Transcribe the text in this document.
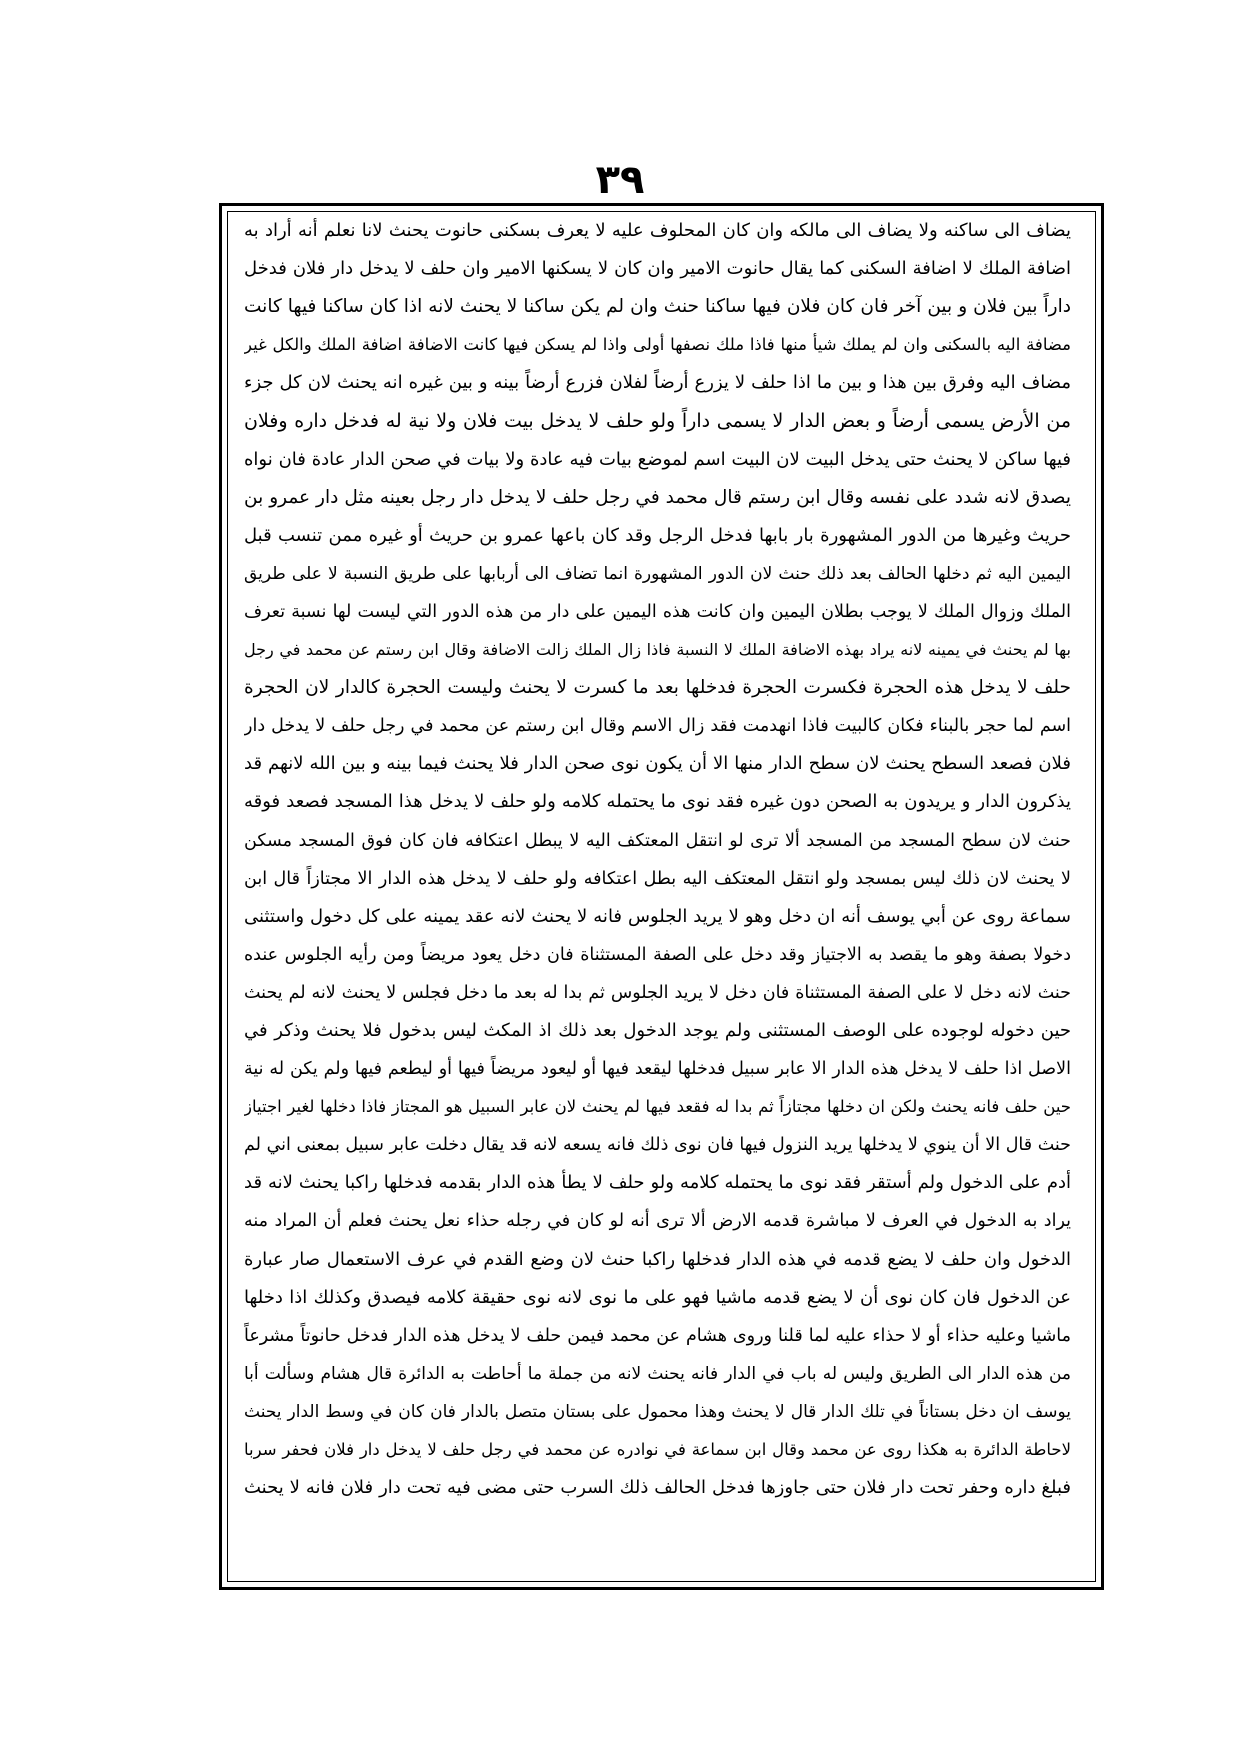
٣٩
يضاف الى ساكنه ولا يضاف الى مالكه وان كان المحلوف عليه لا يعرف بسكنى حانوت يحنث لانا نعلم أنه أراد به
اضافة الملك لا اضافة السكنى كما يقال حانوت الامير وان كان لا يسكنها الامير وان حلف لا يدخل دار فلان فدخل
داراً بين فلان و بين آخر فان كان فلان فيها ساكنا حنث وان لم يكن ساكنا لا يحنث لانه اذا كان ساكنا فيها كانت
مضافة اليه بالسكنى وان لم يملك شيأ منها فاذا ملك نصفها أولى واذا لم يسكن فيها كانت الاضافة اضافة الملك والكل غير
مضاف اليه وفرق بين هذا و بين ما اذا حلف لا يزرع أرضاً لفلان فزرع أرضاً بينه و بين غيره انه يحنث لان كل جزء
من الأرض يسمى أرضاً و بعض الدار لا يسمى داراً ولو حلف لا يدخل بيت فلان ولا نية له فدخل داره وفلان
فيها ساكن لا يحنث حتى يدخل البيت لان البيت اسم لموضع بيات فيه عادة ولا بيات في صحن الدار عادة فان نواه
يصدق لانه شدد على نفسه وقال ابن رستم قال محمد في رجل حلف لا يدخل دار رجل بعينه مثل دار عمرو بن
حريث وغيرها من الدور المشهورة بار بابها فدخل الرجل وقد كان باعها عمرو بن حريث أو غيره ممن تنسب قبل
اليمين اليه ثم دخلها الحالف بعد ذلك حنث لان الدور المشهورة انما تضاف الى أربابها على طريق النسبة لا على طريق
الملك وزوال الملك لا يوجب بطلان اليمين وان كانت هذه اليمين على دار من هذه الدور التي ليست لها نسبة تعرف
بها لم يحنث في يمينه لانه يراد بهذه الاضافة الملك لا النسبة فاذا زال الملك زالت الاضافة وقال ابن رستم عن محمد في رجل
حلف لا يدخل هذه الحجرة فكسرت الحجرة فدخلها بعد ما كسرت لا يحنث وليست الحجرة كالدار لان الحجرة
اسم لما حجر بالبناء فكان كالبيت فاذا انهدمت فقد زال الاسم وقال ابن رستم عن محمد في رجل حلف لا يدخل دار
فلان فصعد السطح يحنث لان سطح الدار منها الا أن يكون نوى صحن الدار فلا يحنث فيما بينه و بين الله لانهم قد
يذكرون الدار و يريدون به الصحن دون غيره فقد نوى ما يحتمله كلامه ولو حلف لا يدخل هذا المسجد فصعد فوقه
حنث لان سطح المسجد من المسجد ألا ترى لو انتقل المعتكف اليه لا يبطل اعتكافه فان كان فوق المسجد مسكن
لا يحنث لان ذلك ليس بمسجد ولو انتقل المعتكف اليه بطل اعتكافه ولو حلف لا يدخل هذه الدار الا مجتازاً قال ابن
سماعة روى عن أبي يوسف أنه ان دخل وهو لا يريد الجلوس فانه لا يحنث لانه عقد يمينه على كل دخول واستثنى
دخولا بصفة وهو ما يقصد به الاجتياز وقد دخل على الصفة المستثناة فان دخل يعود مريضاً ومن رأيه الجلوس عنده
حنث لانه دخل لا على الصفة المستثناة فان دخل لا يريد الجلوس ثم بدا له بعد ما دخل فجلس لا يحنث لانه لم يحنث
حين دخوله لوجوده على الوصف المستثنى ولم يوجد الدخول بعد ذلك اذ المكث ليس بدخول فلا يحنث وذكر في
الاصل اذا حلف لا يدخل هذه الدار الا عابر سبيل فدخلها ليقعد فيها أو ليعود مريضاً فيها أو ليطعم فيها ولم يكن له نية
حين حلف فانه يحنث ولكن ان دخلها مجتازاً ثم بدا له فقعد فيها لم يحنث لان عابر السبيل هو المجتاز فاذا دخلها لغير اجتياز
حنث قال الا أن ينوي لا يدخلها يريد النزول فيها فان نوى ذلك فانه يسعه لانه قد يقال دخلت عابر سبيل بمعنى اني لم
أدم على الدخول ولم أستقر فقد نوى ما يحتمله كلامه ولو حلف لا يطأ هذه الدار بقدمه فدخلها راكبا يحنث لانه قد
يراد به الدخول في العرف لا مباشرة قدمه الارض ألا ترى أنه لو كان في رجله حذاء نعل يحنث فعلم أن المراد منه
الدخول وان حلف لا يضع قدمه في هذه الدار فدخلها راكبا حنث لان وضع القدم في عرف الاستعمال صار عبارة
عن الدخول فان كان نوى أن لا يضع قدمه ماشيا فهو على ما نوى لانه نوى حقيقة كلامه فيصدق وكذلك اذا دخلها
ماشيا وعليه حذاء أو لا حذاء عليه لما قلنا وروى هشام عن محمد فيمن حلف لا يدخل هذه الدار فدخل حانوتاً مشرعاً
من هذه الدار الى الطريق وليس له باب في الدار فانه يحنث لانه من جملة ما أحاطت به الدائرة قال هشام وسألت أبا
يوسف ان دخل بستاناً في تلك الدار قال لا يحنث وهذا محمول على بستان متصل بالدار فان كان في وسط الدار يحنث
لاحاطة الدائرة به هكذا روى عن محمد وقال ابن سماعة في نوادره عن محمد في رجل حلف لا يدخل دار فلان فحفر سربا
فبلغ داره وحفر تحت دار فلان حتى جاوزها فدخل الحالف ذلك السرب حتى مضى فيه تحت دار فلان فانه لا يحنث
